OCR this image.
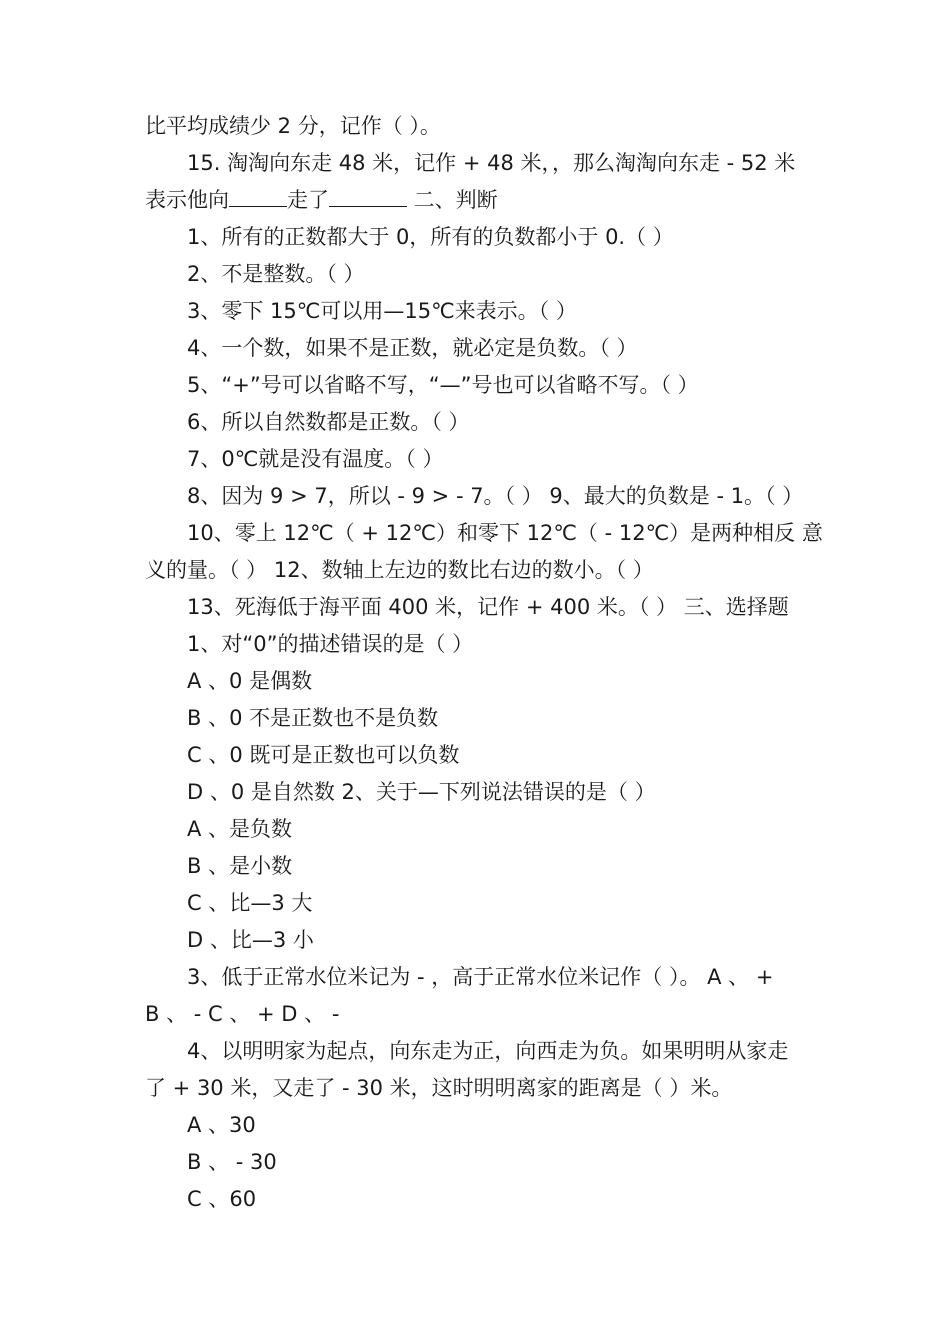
比平均成绩少 2 分，记作（ ）。
15. 淘淘向东走 48 米，记作 + 48 米，，那么淘淘向东走 - 52 米
表示他向	走了	二、判断
1、所有的正数都大于 0，所有的负数都小于 0.（ ）
2、不是整数。（ ）
3、零下 15℃可以用—15℃来表示。（ ）
4、一个数，如果不是正数，就必定是负数。（ ）
5、“+”号可以省略不写，“—”号也可以省略不写。（ ）
6、所以自然数都是正数。（ ）
7、0℃就是没有温度。（ ）
8、因为 9 > 7，所以 - 9 > - 7。（ ） 9、最大的负数是 - 1。（ ）
10、零上 12℃（ + 12℃）和零下 12℃（ - 12℃）是两种相反 意
义的量。（ ） 12、数轴上左边的数比右边的数小。（ ）
13、死海低于海平面 400 米，记作 + 400 米。（ ） 三、选择题
1、对“0”的描述错误的是（ ）
A 、0 是偶数
B 、0 不是正数也不是负数
C 、0 既可是正数也可以负数
D 、0 是自然数 2、关于—下列说法错误的是（ ）
A 、是负数
B 、是小数
C 、比—3 大
D 、比—3 小
3、低于正常水位米记为 - ，高于正常水位米记作（ ）。 A 、 +
B 、 - C 、 + D 、 -
4、以明明家为起点，向东走为正，向西走为负。如果明明从家走
了 + 30 米，又走了 - 30 米，这时明明离家的距离是（ ）米。
A 、30
B 、 - 30
C 、60
